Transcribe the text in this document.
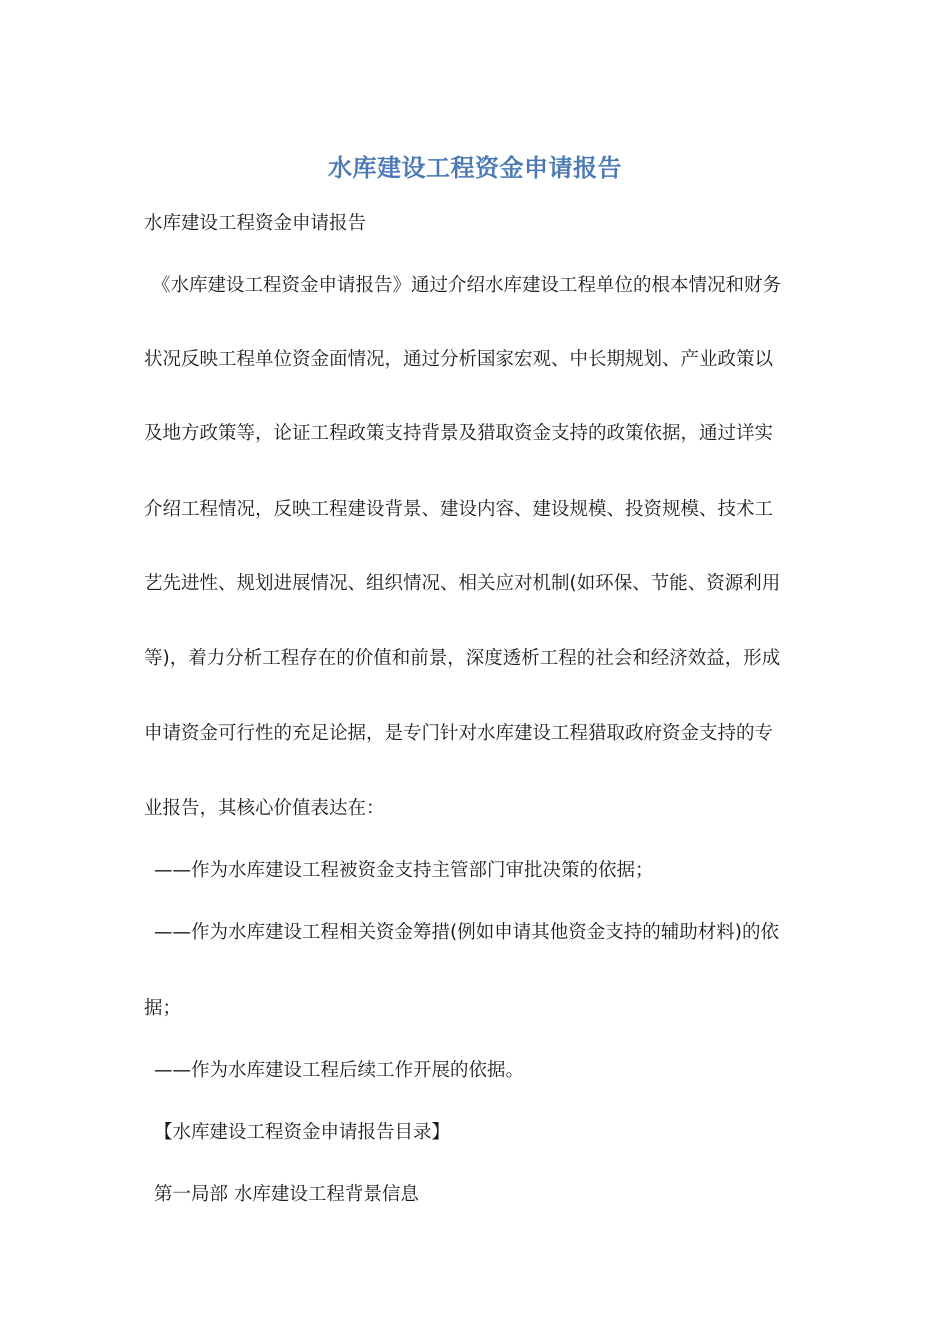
水库建设工程资金申请报告
水库建设工程资金申请报告
《水库建设工程资金申请报告》通过介绍水库建设工程单位的根本情况和财务
状况反映工程单位资金面情况，通过分析国家宏观、中长期规划、产业政策以
及地方政策等，论证工程政策支持背景及猎取资金支持的政策依据，通过详实
介绍工程情况，反映工程建设背景、建设内容、建设规模、投资规模、技术工
艺先进性、规划进展情况、组织情况、相关应对机制(如环保、节能、资源利用
等)，着力分析工程存在的价值和前景，深度透析工程的社会和经济效益，形成
申请资金可行性的充足论据，是专门针对水库建设工程猎取政府资金支持的专
业报告，其核心价值表达在：
——作为水库建设工程被资金支持主管部门审批决策的依据；
——作为水库建设工程相关资金筹措(例如申请其他资金支持的辅助材料)的依
据；
——作为水库建设工程后续工作开展的依据。
【水库建设工程资金申请报告目录】
第一局部 水库建设工程背景信息
